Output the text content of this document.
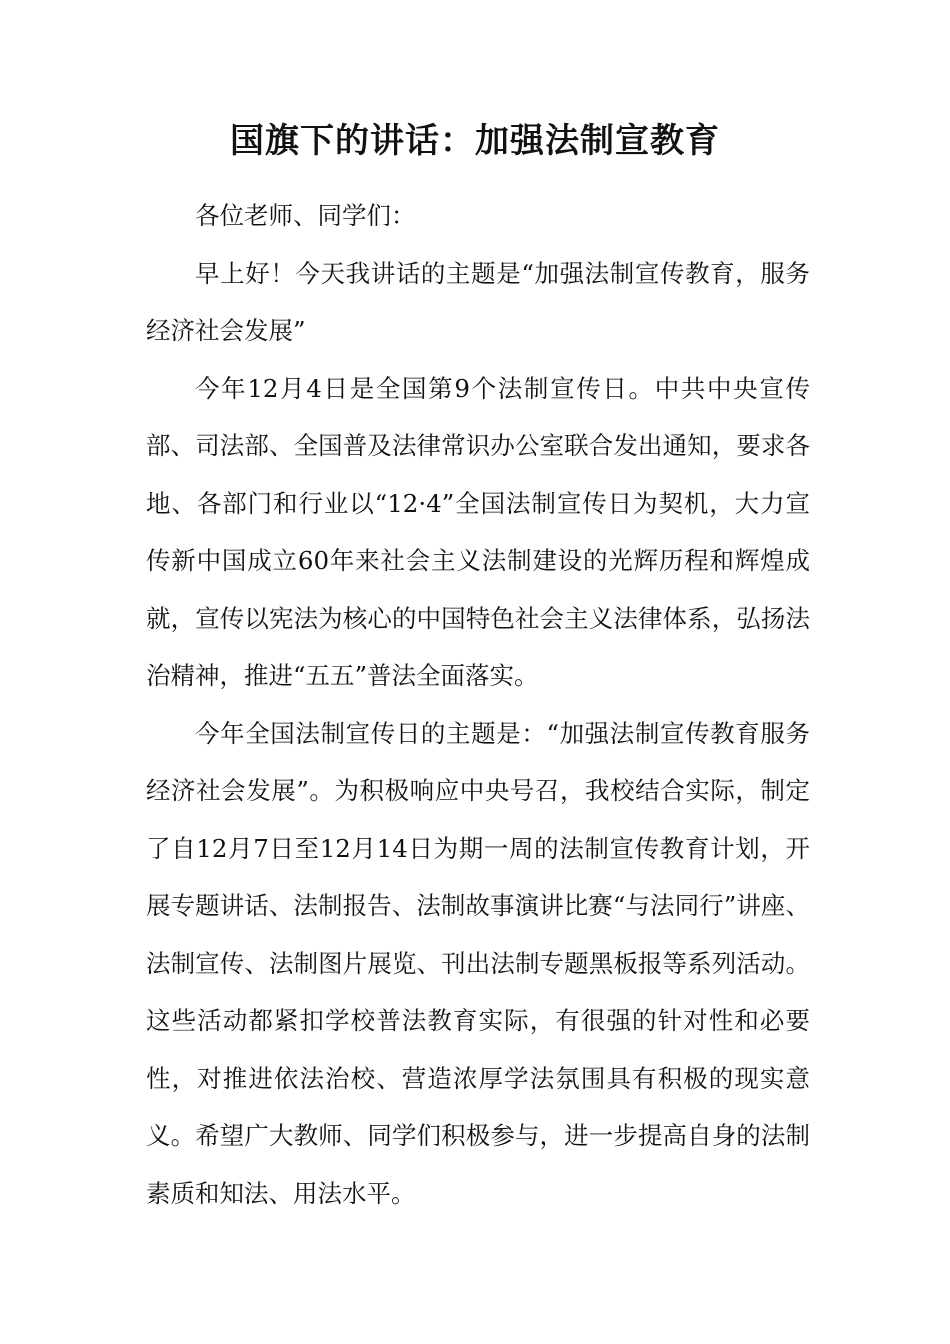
国旗下的讲话：加强法制宣教育

各位老师、同学们：

早上好！今天我讲话的主题是“加强法制宣传教育，服务经济社会发展”

今年12月4日是全国第9个法制宣传日。中共中央宣传部、司法部、全国普及法律常识办公室联合发出通知，要求各地、各部门和行业以“12·4”全国法制宣传日为契机，大力宣传新中国成立60年来社会主义法制建设的光辉历程和辉煌成就，宣传以宪法为核心的中国特色社会主义法律体系，弘扬法治精神，推进“五五”普法全面落实。

今年全国法制宣传日的主题是：“加强法制宣传教育服务经济社会发展”。为积极响应中央号召，我校结合实际，制定了自12月7日至12月14日为期一周的法制宣传教育计划，开展专题讲话、法制报告、法制故事演讲比赛“与法同行”讲座、法制宣传、法制图片展览、刊出法制专题黑板报等系列活动。这些活动都紧扣学校普法教育实际，有很强的针对性和必要性，对推进依法治校、营造浓厚学法氛围具有积极的现实意义。希望广大教师、同学们积极参与，进一步提高自身的法制素质和知法、用法水平。
